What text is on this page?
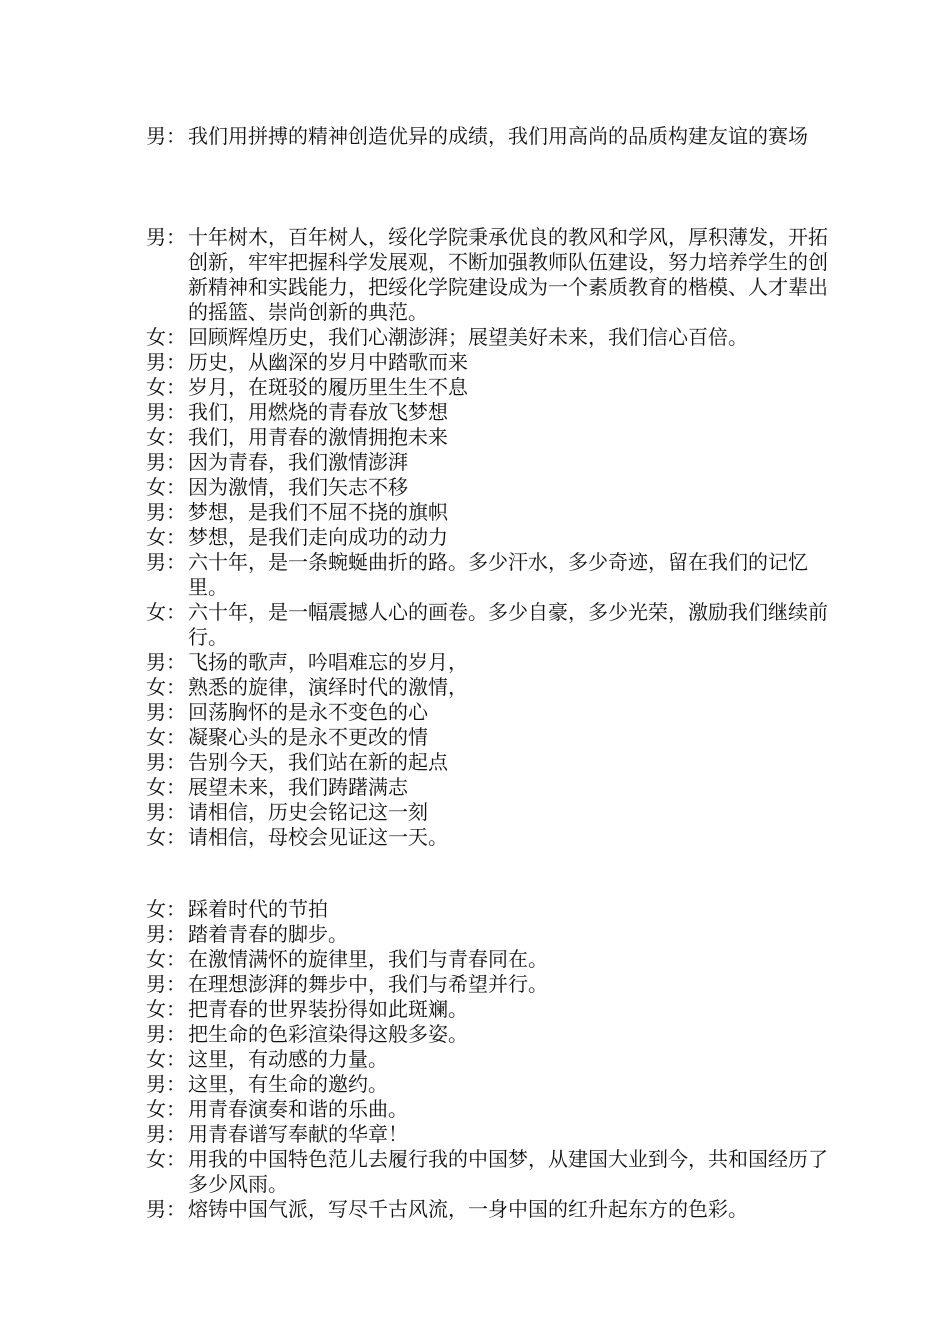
男： 我们用拼搏的精神创造优异的成绩，我们用高尚的品质构建友谊的赛场

男： 十年树木，百年树人，绥化学院秉承优良的教风和学风，厚积薄发，开拓创新，牢牢把握科学发展观，不断加强教师队伍建设，努力培养学生的创新精神和实践能力，把绥化学院建设成为一个素质教育的楷模、人才辈出的摇篮、崇尚创新的典范。

女： 回顾辉煌历史，我们心潮澎湃；展望美好未来，我们信心百倍。

男： 历史，从幽深的岁月中踏歌而来

女： 岁月，在斑驳的履历里生生不息

男： 我们，用燃烧的青春放飞梦想

女： 我们，用青春的激情拥抱未来

男： 因为青春，我们激情澎湃

女： 因为激情，我们矢志不移

男： 梦想，是我们不屈不挠的旗帜

女： 梦想，是我们走向成功的动力

男： 六十年，是一条蜿蜒曲折的路。多少汗水，多少奇迹，留在我们的记忆里。

女： 六十年，是一幅震撼人心的画卷。多少自豪，多少光荣，激励我们继续前行。

男： 飞扬的歌声，吟唱难忘的岁月，

女： 熟悉的旋律，演绎时代的激情，

男： 回荡胸怀的是永不变色的心

女： 凝聚心头的是永不更改的情

男： 告别今天，我们站在新的起点

女： 展望未来，我们踌躇满志

男： 请相信，历史会铭记这一刻

女： 请相信，母校会见证这一天。

女： 踩着时代的节拍

男： 踏着青春的脚步。

女： 在激情满怀的旋律里，我们与青春同在。

男： 在理想澎湃的舞步中，我们与希望并行。

女： 把青春的世界装扮得如此斑斓。

男： 把生命的色彩渲染得这般多姿。

女： 这里，有动感的力量。

男： 这里，有生命的邀约。

女： 用青春演奏和谐的乐曲。

男： 用青春谱写奉献的华章！

女： 用我的中国特色范儿去履行我的中国梦，从建国大业到今，共和国经历了多少风雨。

男： 熔铸中国气派，写尽千古风流，一身中国的红升起东方的色彩。
